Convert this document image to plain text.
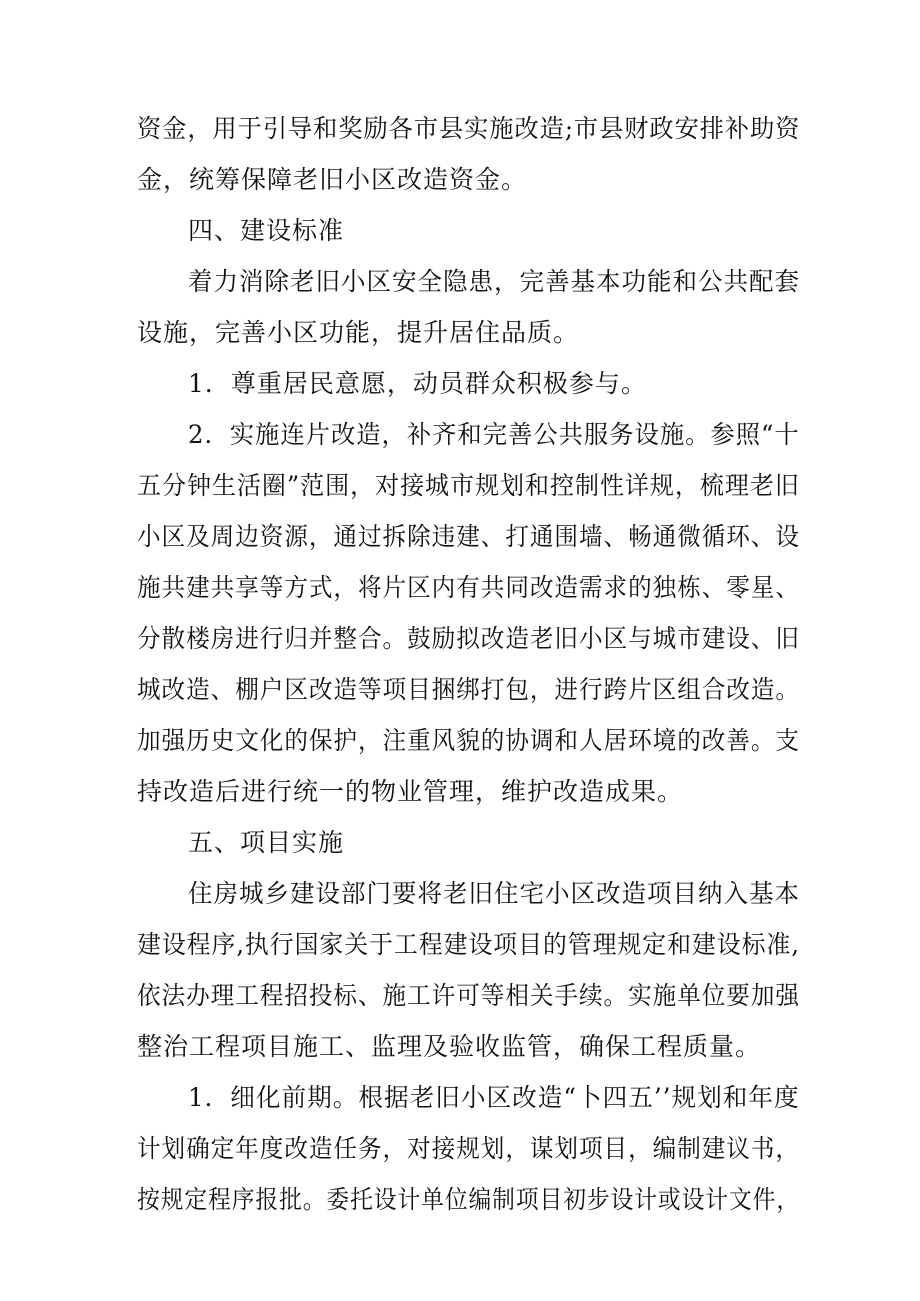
资金，用于引导和奖励各市县实施改造;市县财政安排补助资
金，统筹保障老旧小区改造资金。
四、建设标准
着力消除老旧小区安全隐患，完善基本功能和公共配套
设施，完善小区功能，提升居住品质。
1．尊重居民意愿，动员群众积极参与。
2．实施连片改造，补齐和完善公共服务设施。参照“十
五分钟生活圈”范围，对接城市规划和控制性详规，梳理老旧
小区及周边资源，通过拆除违建、打通围墙、畅通微循环、设
施共建共享等方式，将片区内有共同改造需求的独栋、零星、
分散楼房进行归并整合。鼓励拟改造老旧小区与城市建设、旧
城改造、棚户区改造等项目捆绑打包，进行跨片区组合改造。
加强历史文化的保护，注重风貌的协调和人居环境的改善。支
持改造后进行统一的物业管理，维护改造成果。
五、项目实施
住房城乡建设部门要将老旧住宅小区改造项目纳入基本
建设程序,执行国家关于工程建设项目的管理规定和建设标准,
依法办理工程招投标、施工许可等相关手续。实施单位要加强
整治工程项目施工、监理及验收监管，确保工程质量。
1．细化前期。根据老旧小区改造“卜四五’’规划和年度
计划确定年度改造任务，对接规划，谋划项目，编制建议书，
按规定程序报批。委托设计单位编制项目初步设计或设计文件，
